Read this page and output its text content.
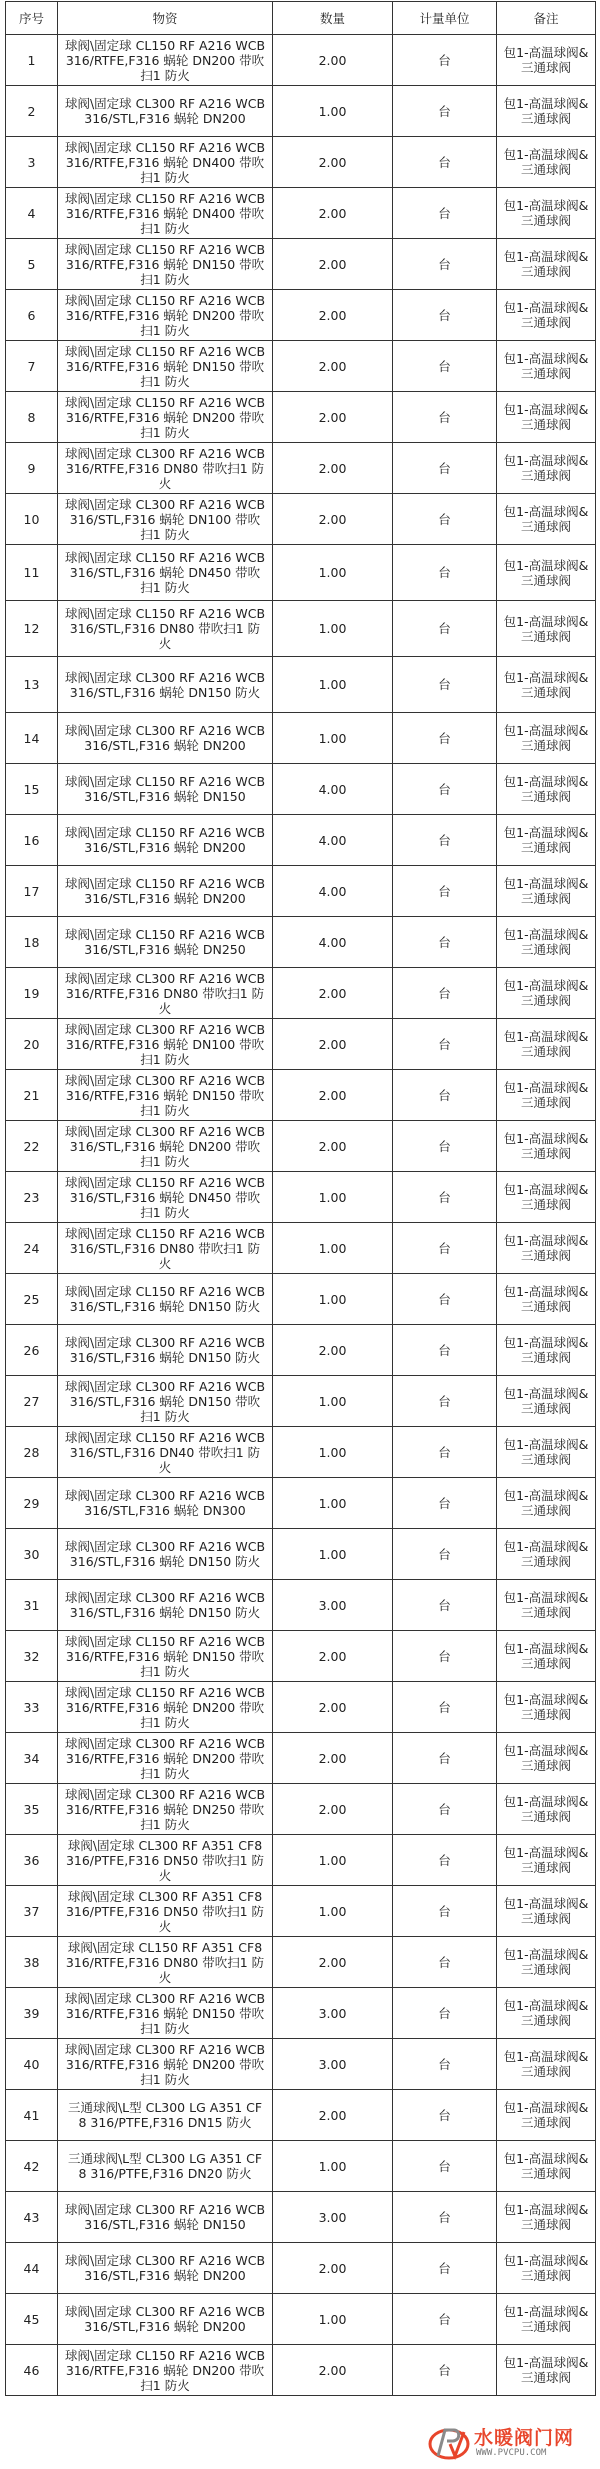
序号	物资	数量	计量单位	备注
1	球阀\固定球 CL150 RF A216 WCB 316/RTFE,F316 蜗轮 DN200 带吹扫1 防火	2.00	台	包1-高温球阀&三通球阀
2	球阀\固定球 CL300 RF A216 WCB 316/STL,F316 蜗轮 DN200	1.00	台	包1-高温球阀&三通球阀
3	球阀\固定球 CL150 RF A216 WCB 316/RTFE,F316 蜗轮 DN400 带吹扫1 防火	2.00	台	包1-高温球阀&三通球阀
4	球阀\固定球 CL150 RF A216 WCB 316/RTFE,F316 蜗轮 DN400 带吹扫1 防火	2.00	台	包1-高温球阀&三通球阀
5	球阀\固定球 CL150 RF A216 WCB 316/RTFE,F316 蜗轮 DN150 带吹扫1 防火	2.00	台	包1-高温球阀&三通球阀
6	球阀\固定球 CL150 RF A216 WCB 316/RTFE,F316 蜗轮 DN200 带吹扫1 防火	2.00	台	包1-高温球阀&三通球阀
7	球阀\固定球 CL150 RF A216 WCB 316/RTFE,F316 蜗轮 DN150 带吹扫1 防火	2.00	台	包1-高温球阀&三通球阀
8	球阀\固定球 CL150 RF A216 WCB 316/RTFE,F316 蜗轮 DN200 带吹扫1 防火	2.00	台	包1-高温球阀&三通球阀
9	球阀\固定球 CL300 RF A216 WCB 316/RTFE,F316 DN80 带吹扫1 防火	2.00	台	包1-高温球阀&三通球阀
10	球阀\固定球 CL300 RF A216 WCB 316/STL,F316 蜗轮 DN100 带吹扫1 防火	2.00	台	包1-高温球阀&三通球阀
11	球阀\固定球 CL150 RF A216 WCB 316/STL,F316 蜗轮 DN450 带吹扫1 防火	1.00	台	包1-高温球阀&三通球阀
12	球阀\固定球 CL150 RF A216 WCB 316/STL,F316 DN80 带吹扫1 防火	1.00	台	包1-高温球阀&三通球阀
13	球阀\固定球 CL300 RF A216 WCB 316/STL,F316 蜗轮 DN150 防火	1.00	台	包1-高温球阀&三通球阀
14	球阀\固定球 CL300 RF A216 WCB 316/STL,F316 蜗轮 DN200	1.00	台	包1-高温球阀&三通球阀
15	球阀\固定球 CL150 RF A216 WCB 316/STL,F316 蜗轮 DN150	4.00	台	包1-高温球阀&三通球阀
16	球阀\固定球 CL150 RF A216 WCB 316/STL,F316 蜗轮 DN200	4.00	台	包1-高温球阀&三通球阀
17	球阀\固定球 CL150 RF A216 WCB 316/STL,F316 蜗轮 DN200	4.00	台	包1-高温球阀&三通球阀
18	球阀\固定球 CL150 RF A216 WCB 316/STL,F316 蜗轮 DN250	4.00	台	包1-高温球阀&三通球阀
19	球阀\固定球 CL300 RF A216 WCB 316/RTFE,F316 DN80 带吹扫1 防火	2.00	台	包1-高温球阀&三通球阀
20	球阀\固定球 CL300 RF A216 WCB 316/RTFE,F316 蜗轮 DN100 带吹扫1 防火	2.00	台	包1-高温球阀&三通球阀
21	球阀\固定球 CL300 RF A216 WCB 316/RTFE,F316 蜗轮 DN150 带吹扫1 防火	2.00	台	包1-高温球阀&三通球阀
22	球阀\固定球 CL300 RF A216 WCB 316/STL,F316 蜗轮 DN200 带吹扫1 防火	2.00	台	包1-高温球阀&三通球阀
23	球阀\固定球 CL150 RF A216 WCB 316/STL,F316 蜗轮 DN450 带吹扫1 防火	1.00	台	包1-高温球阀&三通球阀
24	球阀\固定球 CL150 RF A216 WCB 316/STL,F316 DN80 带吹扫1 防火	1.00	台	包1-高温球阀&三通球阀
25	球阀\固定球 CL150 RF A216 WCB 316/STL,F316 蜗轮 DN150 防火	1.00	台	包1-高温球阀&三通球阀
26	球阀\固定球 CL300 RF A216 WCB 316/STL,F316 蜗轮 DN150 防火	2.00	台	包1-高温球阀&三通球阀
27	球阀\固定球 CL300 RF A216 WCB 316/STL,F316 蜗轮 DN150 带吹扫1 防火	1.00	台	包1-高温球阀&三通球阀
28	球阀\固定球 CL150 RF A216 WCB 316/STL,F316 DN40 带吹扫1 防火	1.00	台	包1-高温球阀&三通球阀
29	球阀\固定球 CL300 RF A216 WCB 316/STL,F316 蜗轮 DN300	1.00	台	包1-高温球阀&三通球阀
30	球阀\固定球 CL300 RF A216 WCB 316/STL,F316 蜗轮 DN150 防火	1.00	台	包1-高温球阀&三通球阀
31	球阀\固定球 CL300 RF A216 WCB 316/STL,F316 蜗轮 DN150 防火	3.00	台	包1-高温球阀&三通球阀
32	球阀\固定球 CL150 RF A216 WCB 316/RTFE,F316 蜗轮 DN150 带吹扫1 防火	2.00	台	包1-高温球阀&三通球阀
33	球阀\固定球 CL150 RF A216 WCB 316/RTFE,F316 蜗轮 DN200 带吹扫1 防火	2.00	台	包1-高温球阀&三通球阀
34	球阀\固定球 CL300 RF A216 WCB 316/RTFE,F316 蜗轮 DN200 带吹扫1 防火	2.00	台	包1-高温球阀&三通球阀
35	球阀\固定球 CL300 RF A216 WCB 316/RTFE,F316 蜗轮 DN250 带吹扫1 防火	2.00	台	包1-高温球阀&三通球阀
36	球阀\固定球 CL300 RF A351 CF8 316/PTFE,F316 DN50 带吹扫1 防火	1.00	台	包1-高温球阀&三通球阀
37	球阀\固定球 CL300 RF A351 CF8 316/PTFE,F316 DN50 带吹扫1 防火	1.00	台	包1-高温球阀&三通球阀
38	球阀\固定球 CL150 RF A351 CF8 316/RTFE,F316 DN80 带吹扫1 防火	2.00	台	包1-高温球阀&三通球阀
39	球阀\固定球 CL300 RF A216 WCB 316/RTFE,F316 蜗轮 DN150 带吹扫1 防火	3.00	台	包1-高温球阀&三通球阀
40	球阀\固定球 CL300 RF A216 WCB 316/RTFE,F316 蜗轮 DN200 带吹扫1 防火	3.00	台	包1-高温球阀&三通球阀
41	三通球阀\L型 CL300 LG A351 CF8 316/PTFE,F316 DN15 防火	2.00	台	包1-高温球阀&三通球阀
42	三通球阀\L型 CL300 LG A351 CF8 316/PTFE,F316 DN20 防火	1.00	台	包1-高温球阀&三通球阀
43	球阀\固定球 CL300 RF A216 WCB 316/STL,F316 蜗轮 DN150	3.00	台	包1-高温球阀&三通球阀
44	球阀\固定球 CL300 RF A216 WCB 316/STL,F316 蜗轮 DN200	2.00	台	包1-高温球阀&三通球阀
45	球阀\固定球 CL300 RF A216 WCB 316/STL,F316 蜗轮 DN200	1.00	台	包1-高温球阀&三通球阀
46	球阀\固定球 CL150 RF A216 WCB 316/RTFE,F316 蜗轮 DN200 带吹扫1 防火	2.00	台	包1-高温球阀&三通球阀
水暖阀门网
WWW.PVCPU.COM
